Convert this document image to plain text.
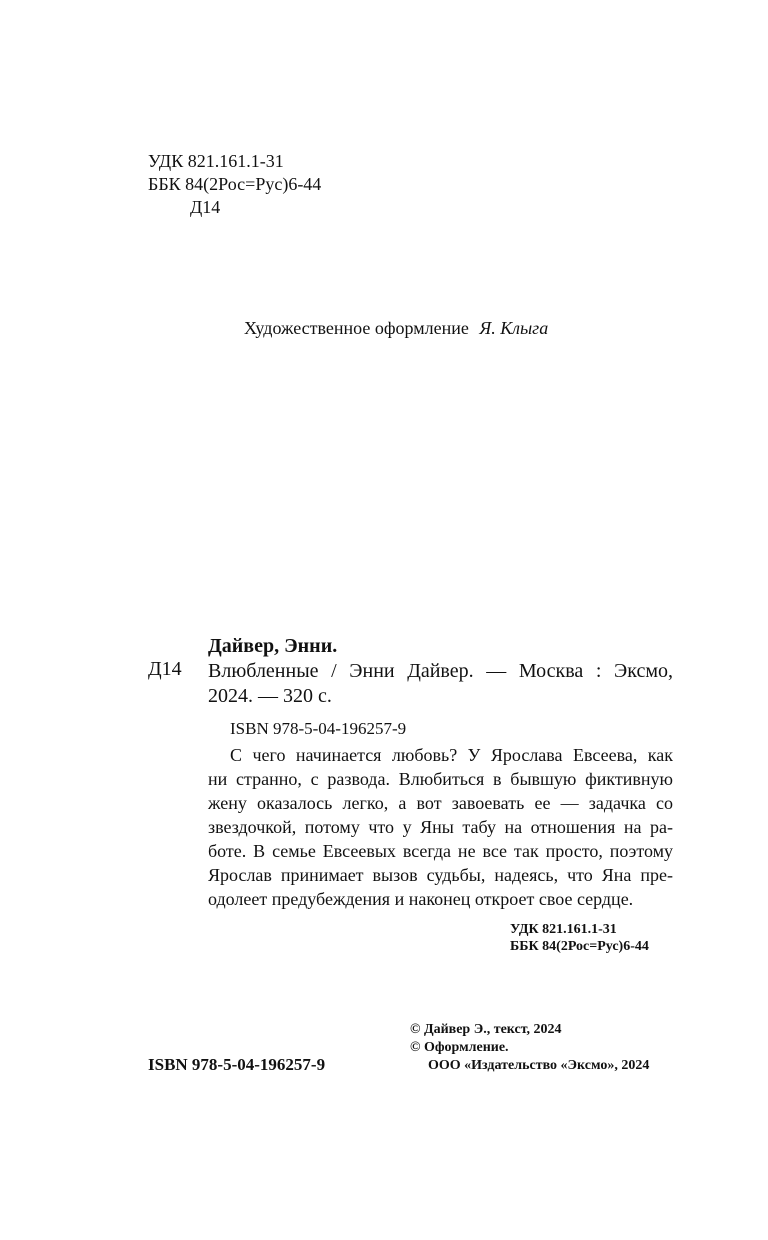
УДК 821.161.1-31
ББК 84(2Рос=Рус)6-44
Д14
Художественное оформление Я. Клыга
Д14
Дайвер, Энни.
Влюбленные / Энни Дайвер. — Москва : Эксмо,
2024. — 320 с.
ISBN 978-5-04-196257-9
С чего начинается любовь? У Ярослава Евсеева, как
ни странно, с развода. Влюбиться в бывшую фиктивную
жену оказалось легко, а вот завоевать ее — задачка со
звездочкой, потому что у Яны табу на отношения на ра-
боте. В семье Евсеевых всегда не все так просто, поэтому
Ярослав принимает вызов судьбы, надеясь, что Яна пре-
одолеет предубеждения и наконец откроет свое сердце.
УДК 821.161.1-31
ББК 84(2Рос=Рус)6-44
© Дайвер Э., текст, 2024
© Оформление.
ООО «Издательство «Эксмо», 2024
ISBN 978-5-04-196257-9
